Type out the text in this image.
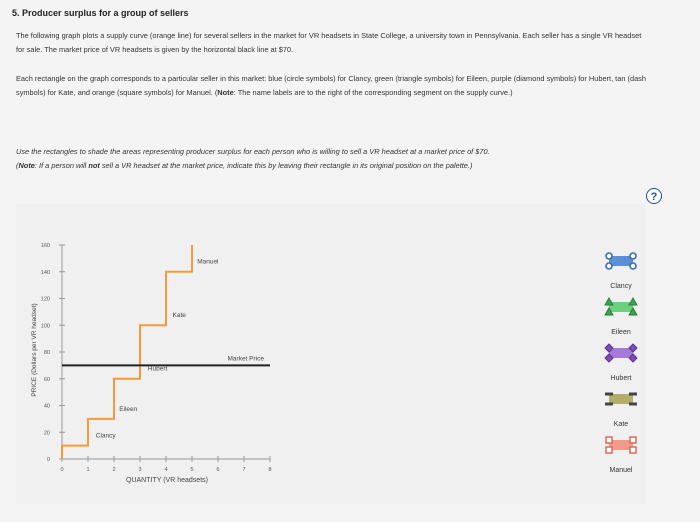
5. Producer surplus for a group of sellers
The following graph plots a supply curve (orange line) for several sellers in the market for VR headsets in State College, a university town in Pennsylvania. Each seller has a single VR headset for sale. The market price of VR headsets is given by the horizontal black line at $70.
Each rectangle on the graph corresponds to a particular seller in this market: blue (circle symbols) for Clancy, green (triangle symbols) for Eileen, purple (diamond symbols) for Hubert, tan (dash symbols) for Kate, and orange (square symbols) for Manuel. (Note: The name labels are to the right of the corresponding segment on the supply curve.)
Use the rectangles to shade the areas representing producer surplus for each person who is willing to sell a VR headset at a market price of $70.
(Note: If a person will not sell a VR headset at the market price, indicate this by leaving their rectangle in its original position on the palette.)
?
PRICE (Dollars per VR headset)
QUANTITY (VR headsets)
0
20
40
60
80
100
120
140
160
0	1	2	3	4	5	6	7	8
Market Price
Clancy
Eileen
Hubert
Kate
Manuel
Clancy
Eileen
Hubert
Kate
Manuel
